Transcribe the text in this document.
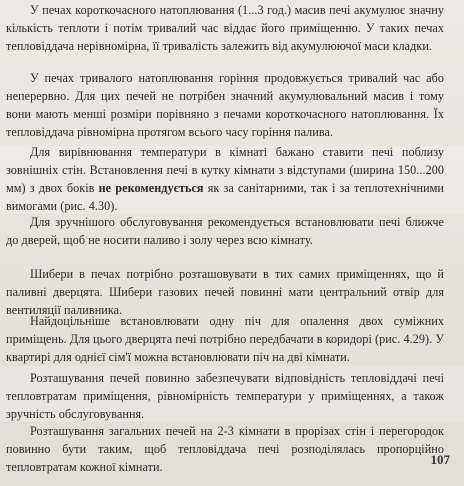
У печах короткочасного натоплювання (1...3 год.) масив печі акумулює значну кількість теплоти і потім тривалий час віддає його приміщенню. У таких печах тепловіддача нерівномірна, її тривалість залежить від акумулюючої маси кладки.

У печах тривалого натоплювання горіння продовжується тривалий час або неперервно. Для цих печей не потрібен значний акумулювальний масив і тому вони мають менші розміри порівняно з печами короткочасного натоплювання. Їх тепловіддача рівномірна протягом всього часу горіння палива.

Для вирівнювання температури в кімнаті бажано ставити печі поблизу зовнішніх стін. Встановлення печі в кутку кімнати з відступами (ширина 150...200 мм) з двох боків не рекомендується як за санітарними, так і за теплотехнічними вимогами (рис. 4.30).

Для зручнішого обслуговування рекомендується встановлювати печі ближче до дверей, щоб не носити паливо і золу через всю кімнату.

Шибери в печах потрібно розташовувати в тих самих приміщеннях, що й паливні дверцята. Шибери газових печей повинні мати центральний отвір для вентиляції паливника.

Найдоцільніше встановлювати одну піч для опалення двох суміжних приміщень. Для цього дверцята печі потрібно передбачати в коридорі (рис. 4.29). У квартирі для однієї сім'ї можна встановлювати піч на дві кімнати.

Розташування печей повинно забезпечувати відповідність тепловіддачі печі тепловтратам приміщення, рівномірність температури у приміщеннях, а також зручність обслуговування.

Розташування загальних печей на 2-3 кімнати в прорізах стін і перегородок повинно бути таким, щоб тепловіддача печі розподілялась пропорційно тепловтратам кожної кімнати.	107
